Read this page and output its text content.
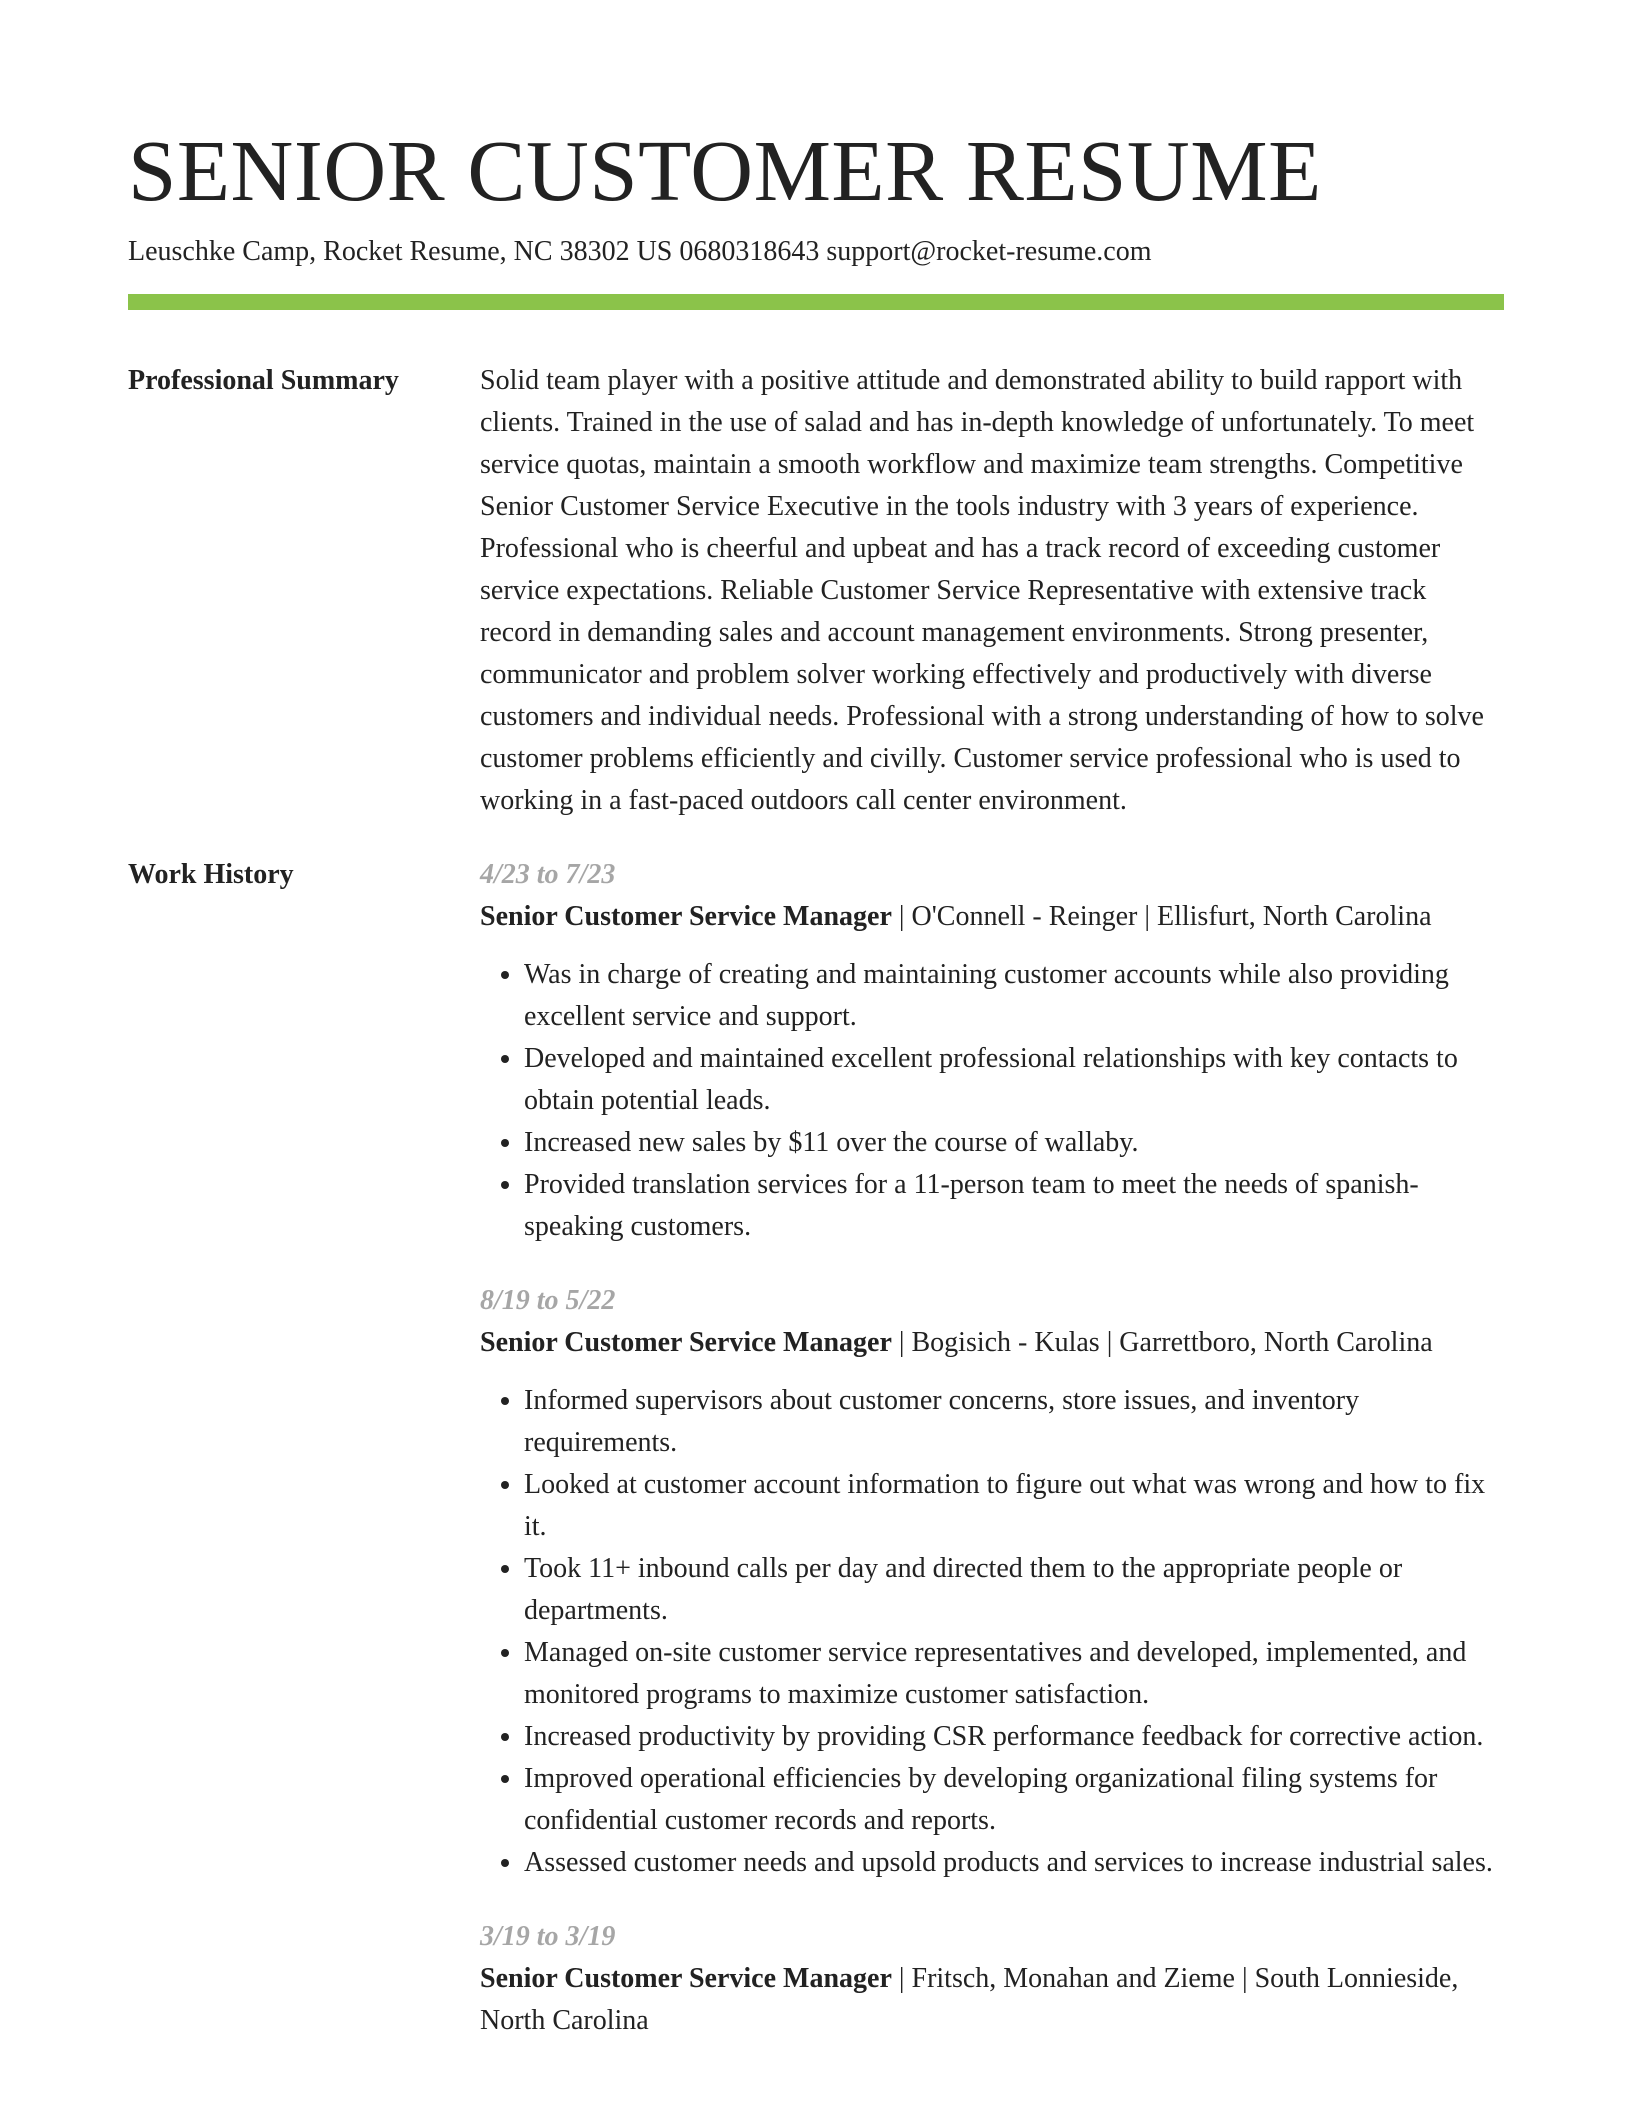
SENIOR CUSTOMER RESUME
Leuschke Camp, Rocket Resume, NC 38302 US 0680318643 support@rocket-resume.com
Professional Summary	Solid team player with a positive attitude and demonstrated ability to build rapport with clients. Trained in the use of salad and has in-depth knowledge of unfortunately. To meet service quotas, maintain a smooth workflow and maximize team strengths. Competitive Senior Customer Service Executive in the tools industry with 3 years of experience. Professional who is cheerful and upbeat and has a track record of exceeding customer service expectations. Reliable Customer Service Representative with extensive track record in demanding sales and account management environments. Strong presenter, communicator and problem solver working effectively and productively with diverse customers and individual needs. Professional with a strong understanding of how to solve customer problems efficiently and civilly. Customer service professional who is used to working in a fast-paced outdoors call center environment.

Work History	4/23 to 7/23
Senior Customer Service Manager | O'Connell - Reinger | Ellisfurt, North Carolina
• Was in charge of creating and maintaining customer accounts while also providing excellent service and support.
• Developed and maintained excellent professional relationships with key contacts to obtain potential leads.
• Increased new sales by $11 over the course of wallaby.
• Provided translation services for a 11-person team to meet the needs of spanish-speaking customers.
8/19 to 5/22
Senior Customer Service Manager | Bogisich - Kulas | Garrettboro, North Carolina
• Informed supervisors about customer concerns, store issues, and inventory requirements.
• Looked at customer account information to figure out what was wrong and how to fix it.
• Took 11+ inbound calls per day and directed them to the appropriate people or departments.
• Managed on-site customer service representatives and developed, implemented, and monitored programs to maximize customer satisfaction.
• Increased productivity by providing CSR performance feedback for corrective action.
• Improved operational efficiencies by developing organizational filing systems for confidential customer records and reports.
• Assessed customer needs and upsold products and services to increase industrial sales.
3/19 to 3/19
Senior Customer Service Manager | Fritsch, Monahan and Zieme | South Lonnieside, North Carolina
